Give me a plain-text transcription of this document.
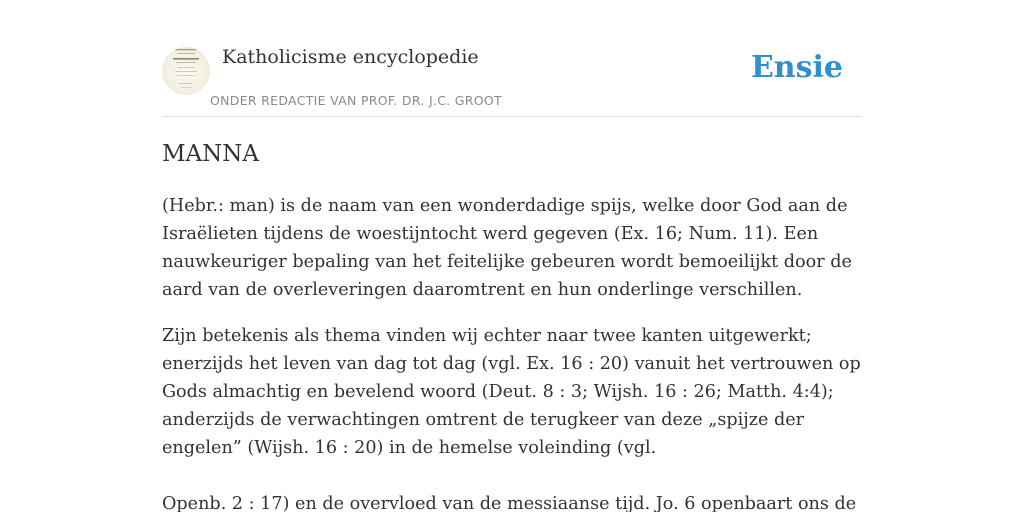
Katholicisme encyclopedie
ONDER REDACTIE VAN PROF. DR. J.C. GROOT
Ensie
MANNA

(Hebr.: man) is de naam van een wonderdadige spijs, welke door God aan de Israëlieten tijdens de woestijntocht werd gegeven (Ex. 16; Num. 11). Een nauwkeuriger bepaling van het feitelijke gebeuren wordt bemoeilijkt door de aard van de overleveringen daaromtrent en hun onderlinge verschillen.

Zijn betekenis als thema vinden wij echter naar twee kanten uitgewerkt; enerzijds het leven van dag tot dag (vgl. Ex. 16 : 20) vanuit het vertrouwen op Gods almachtig en bevelend woord (Deut. 8 : 3; Wijsh. 16 : 26; Matth. 4:4); anderzijds de verwachtingen omtrent de terugkeer van deze „spijze der engelen” (Wijsh. 16 : 20) in de hemelse voleinding (vgl.

Openb. 2 : 17) en de overvloed van de messiaanse tijd. Jo. 6 openbaart ons de
